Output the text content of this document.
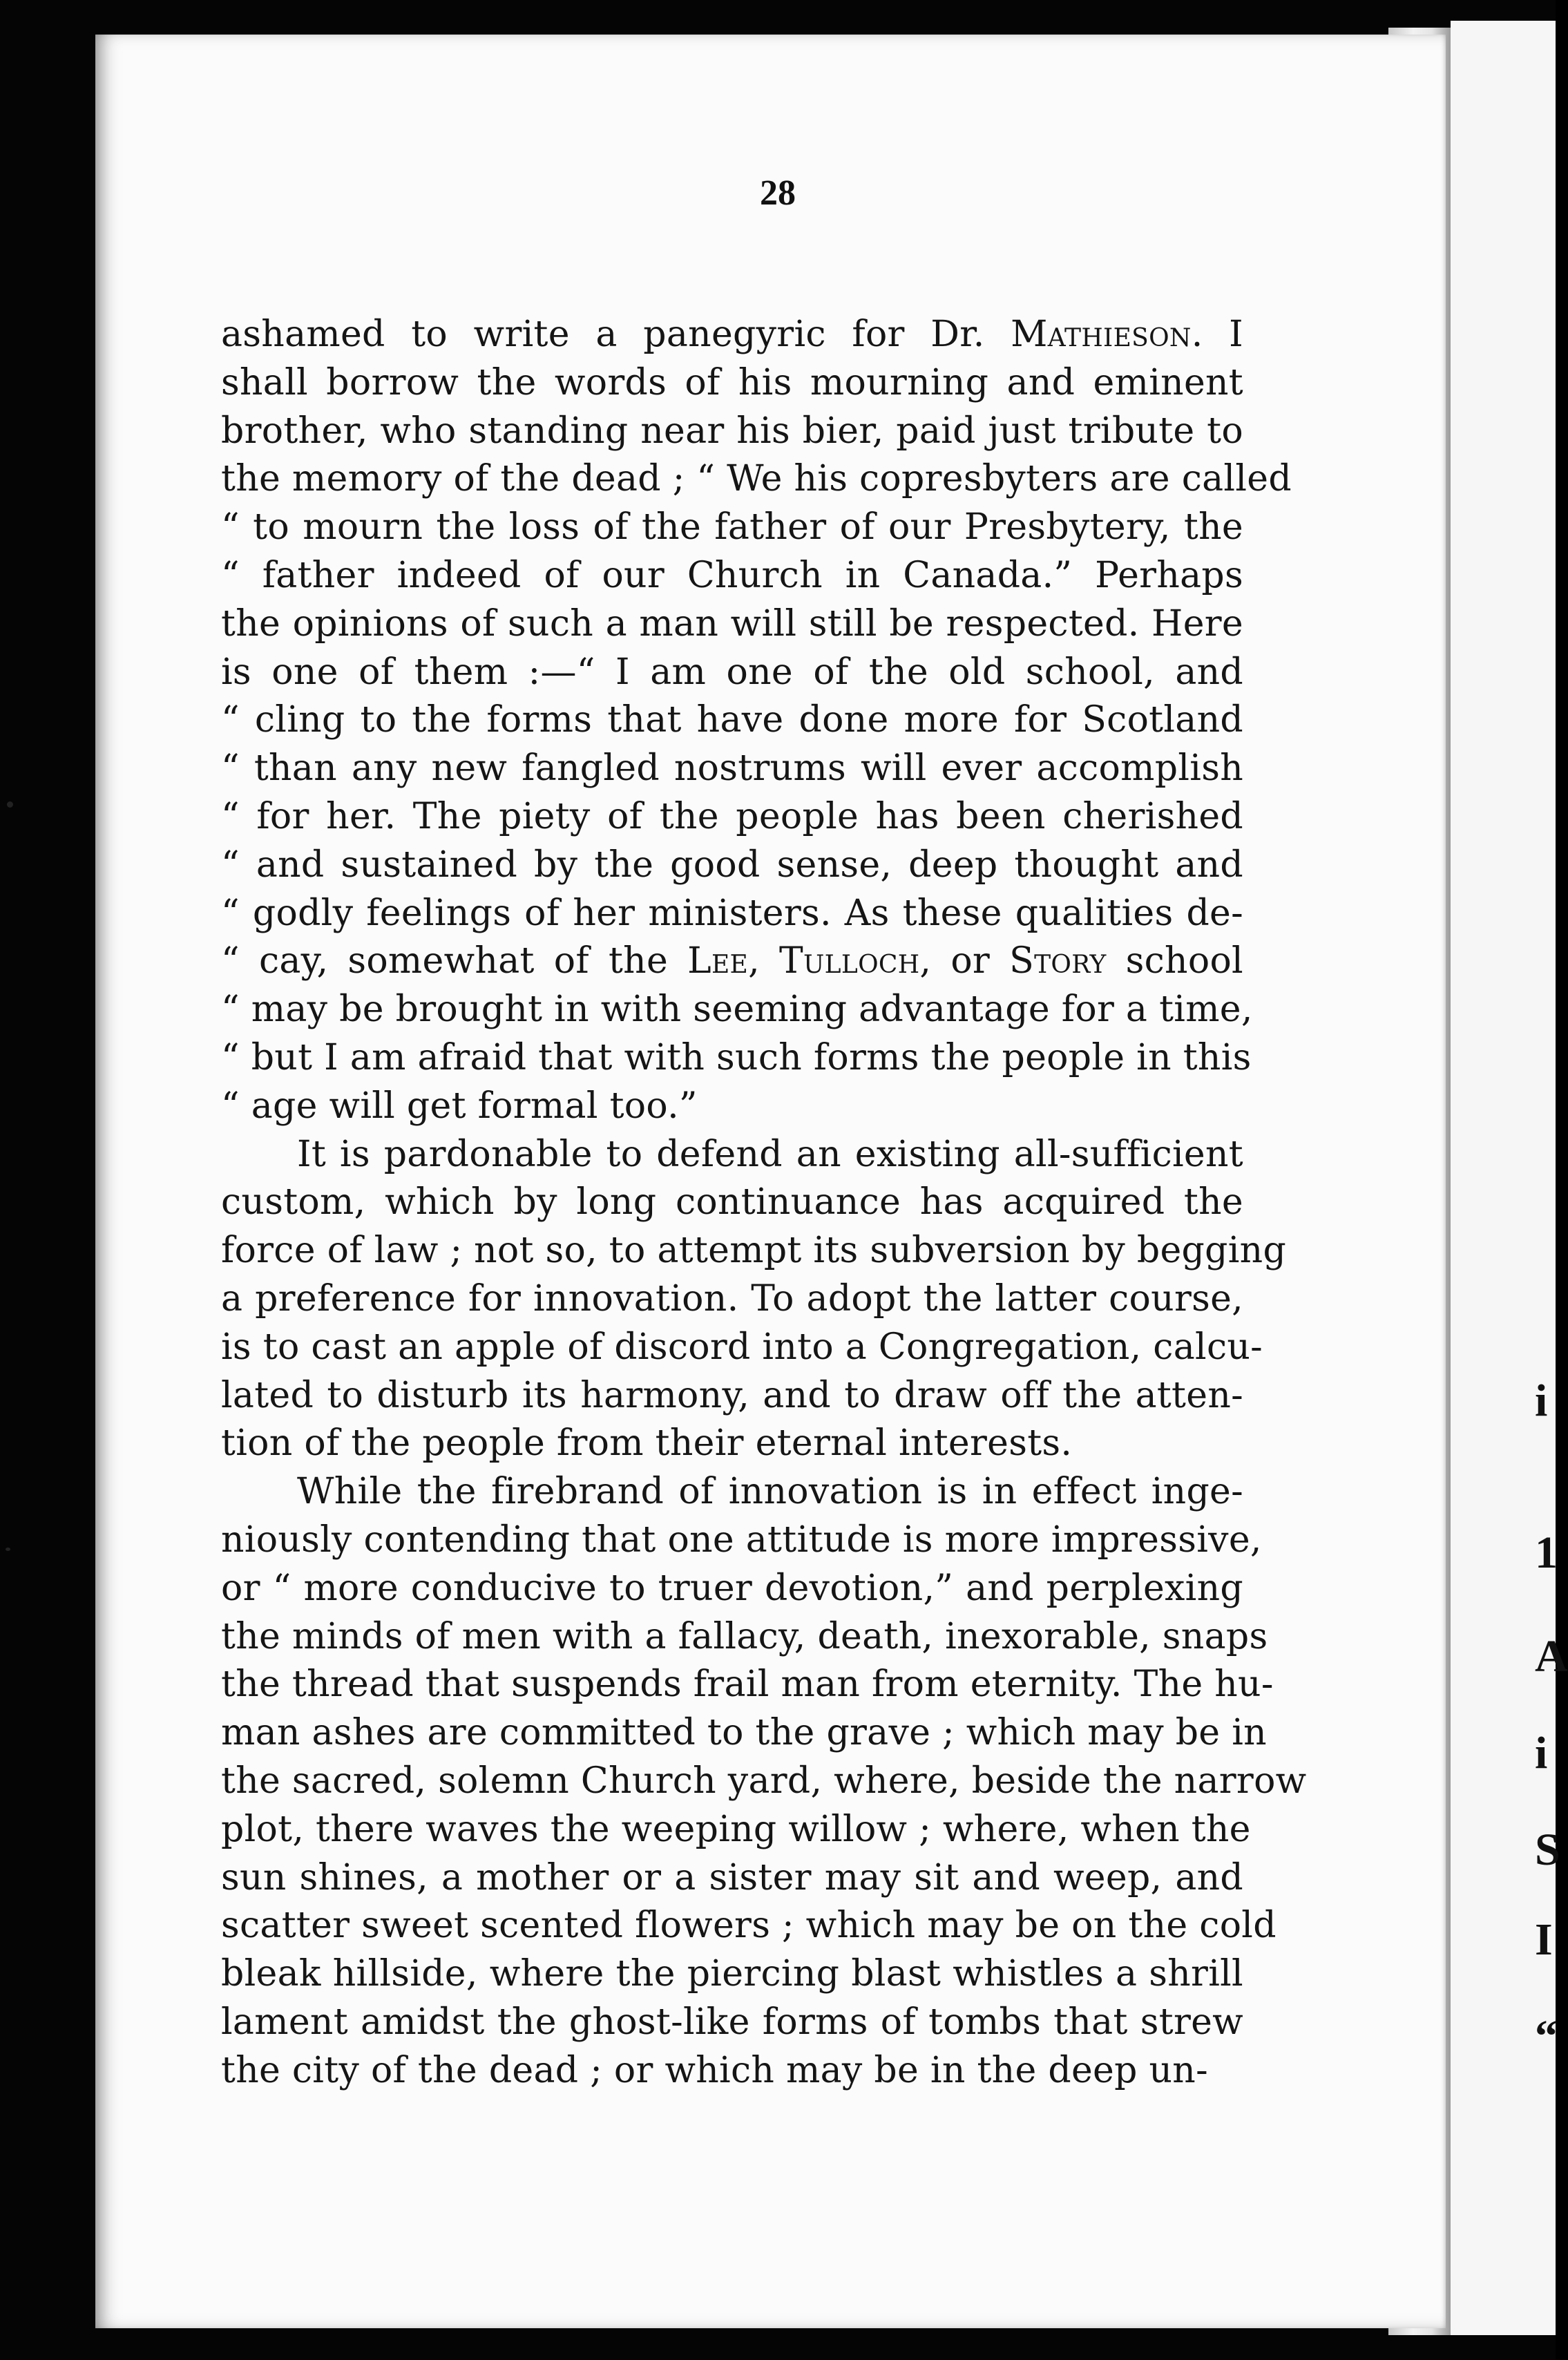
i
1
A
i
S
I
“
28
ashamed to write a panegyric for Dr. Mathieson. I
shall borrow the words of his mourning and eminent
brother, who standing near his bier, paid just tribute to
the memory of the dead ; “ We his copresbyters are called
“ to mourn the loss of the father of our Presbytery, the
“ father indeed of our Church in Canada.” Perhaps
the opinions of such a man will still be respected. Here
is one of them :—“ I am one of the old school, and
“ cling to the forms that have done more for Scotland
“ than any new fangled nostrums will ever accomplish
“ for her. The piety of the people has been cherished
“ and sustained by the good sense, deep thought and
“ godly feelings of her ministers. As these qualities de-
“ cay, somewhat of the Lee, Tulloch, or Story school
“ may be brought in with seeming advantage for a time,
“ but I am afraid that with such forms the people in this
“ age will get formal too.”
It is pardonable to defend an existing all-sufficient
custom, which by long continuance has acquired the
force of law ; not so, to attempt its subversion by begging
a preference for innovation. To adopt the latter course,
is to cast an apple of discord into a Congregation, calcu-
lated to disturb its harmony, and to draw off the atten-
tion of the people from their eternal interests.
While the firebrand of innovation is in effect inge-
niously contending that one attitude is more impressive,
or “ more conducive to truer devotion,” and perplexing
the minds of men with a fallacy, death, inexorable, snaps
the thread that suspends frail man from eternity. The hu-
man ashes are committed to the grave ; which may be in
the sacred, solemn Church yard, where, beside the narrow
plot, there waves the weeping willow ; where, when the
sun shines, a mother or a sister may sit and weep, and
scatter sweet scented flowers ; which may be on the cold
bleak hillside, where the piercing blast whistles a shrill
lament amidst the ghost-like forms of tombs that strew
the city of the dead ; or which may be in the deep un-
